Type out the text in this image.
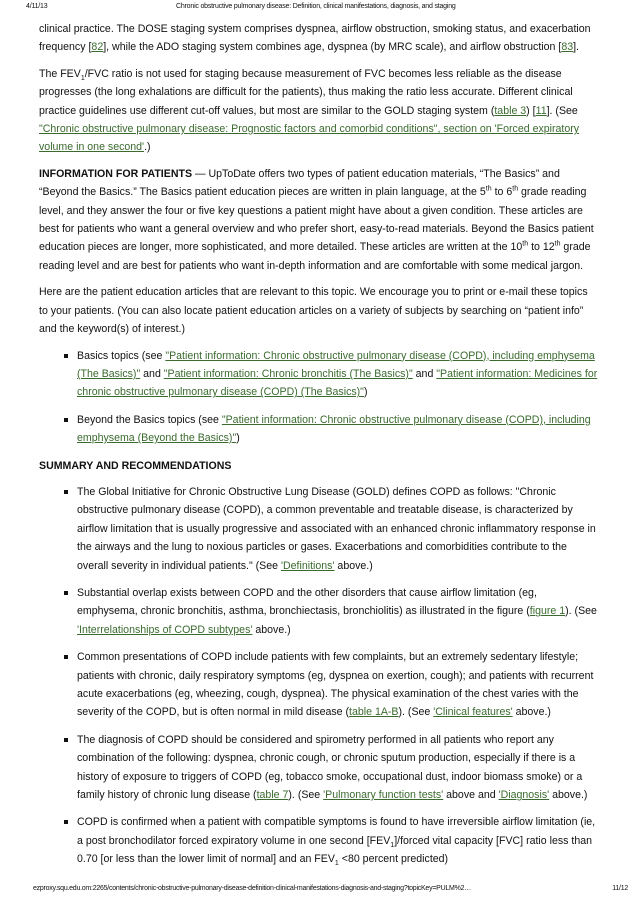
4/11/13	Chronic obstructive pulmonary disease: Definition, clinical manifestations, diagnosis, and staging

clinical practice. The DOSE staging system comprises dyspnea, airflow obstruction, smoking status, and exacerbation frequency [82], while the ADO staging system combines age, dyspnea (by MRC scale), and airflow obstruction [83].

The $FEV_1$/FVC ratio is not used for staging because measurement of FVC becomes less reliable as the disease progresses (the long exhalations are difficult for the patients), thus making the ratio less accurate. Different clinical practice guidelines use different cut-off values, but most are similar to the GOLD staging system (table 3) [11]. (See "Chronic obstructive pulmonary disease: Prognostic factors and comorbid conditions", section on 'Forced expiratory volume in one second'.)

INFORMATION FOR PATIENTS — UpToDate offers two types of patient education materials, “The Basics” and “Beyond the Basics.” The Basics patient education pieces are written in plain language, at the 5th to 6th grade reading level, and they answer the four or five key questions a patient might have about a given condition. These articles are best for patients who want a general overview and who prefer short, easy-to-read materials. Beyond the Basics patient education pieces are longer, more sophisticated, and more detailed. These articles are written at the 10th to 12th grade reading level and are best for patients who want in-depth information and are comfortable with some medical jargon.

Here are the patient education articles that are relevant to this topic. We encourage you to print or e-mail these topics to your patients. (You can also locate patient education articles on a variety of subjects by searching on “patient info” and the keyword(s) of interest.)

Basics topics (see "Patient information: Chronic obstructive pulmonary disease (COPD), including emphysema (The Basics)" and "Patient information: Chronic bronchitis (The Basics)" and "Patient information: Medicines for chronic obstructive pulmonary disease (COPD) (The Basics)")
Beyond the Basics topics (see "Patient information: Chronic obstructive pulmonary disease (COPD), including emphysema (Beyond the Basics)")

SUMMARY AND RECOMMENDATIONS

The Global Initiative for Chronic Obstructive Lung Disease (GOLD) defines COPD as follows: "Chronic obstructive pulmonary disease (COPD), a common preventable and treatable disease, is characterized by airflow limitation that is usually progressive and associated with an enhanced chronic inflammatory response in the airways and the lung to noxious particles or gases. Exacerbations and comorbidities contribute to the overall severity in individual patients." (See 'Definitions' above.)
Substantial overlap exists between COPD and the other disorders that cause airflow limitation (eg, emphysema, chronic bronchitis, asthma, bronchiectasis, bronchiolitis) as illustrated in the figure (figure 1). (See 'Interrelationships of COPD subtypes' above.)
Common presentations of COPD include patients with few complaints, but an extremely sedentary lifestyle; patients with chronic, daily respiratory symptoms (eg, dyspnea on exertion, cough); and patients with recurrent acute exacerbations (eg, wheezing, cough, dyspnea). The physical examination of the chest varies with the severity of the COPD, but is often normal in mild disease (table 1A-B). (See 'Clinical features' above.)
The diagnosis of COPD should be considered and spirometry performed in all patients who report any combination of the following: dyspnea, chronic cough, or chronic sputum production, especially if there is a history of exposure to triggers of COPD (eg, tobacco smoke, occupational dust, indoor biomass smoke) or a family history of chronic lung disease (table 7). (See 'Pulmonary function tests' above and 'Diagnosis' above.)
COPD is confirmed when a patient with compatible symptoms is found to have irreversible airflow limitation (ie, a post bronchodilator forced expiratory volume in one second $[FEV_1]$/forced vital capacity [FVC] ratio less than 0.70 [or less than the lower limit of normal] and an $FEV_1 <80$ percent predicted)
ezproxy.squ.edu.om:2265/contents/chronic-obstructive-pulmonary-disease-definition-clinical-manifestations-diagnosis-and-staging?topicKey=PULM%2…	11/12
